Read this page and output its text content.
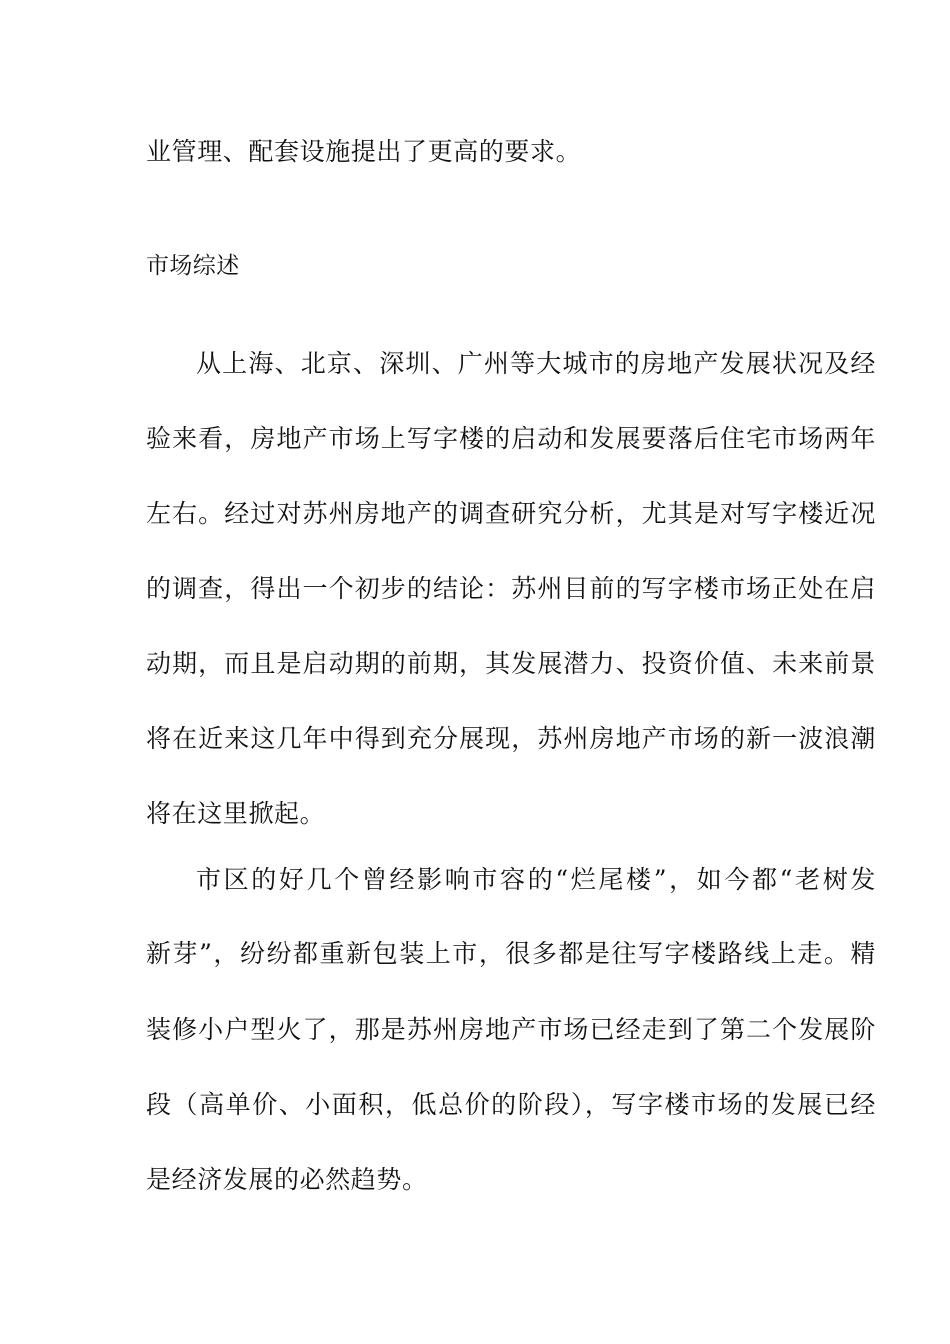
业管理、配套设施提出了更高的要求。
市场综述
从上海、北京、深圳、广州等大城市的房地产发展状况及经
验来看，房地产市场上写字楼的启动和发展要落后住宅市场两年
左右。经过对苏州房地产的调查研究分析，尤其是对写字楼近况
的调查，得出一个初步的结论：苏州目前的写字楼市场正处在启
动期，而且是启动期的前期，其发展潜力、投资价值、未来前景
将在近来这几年中得到充分展现，苏州房地产市场的新一波浪潮
将在这里掀起。
市区的好几个曾经影响市容的“烂尾楼”，如今都“老树发
新芽”，纷纷都重新包装上市，很多都是往写字楼路线上走。精
装修小户型火了，那是苏州房地产市场已经走到了第二个发展阶
段（高单价、小面积，低总价的阶段），写字楼市场的发展已经
是经济发展的必然趋势。
